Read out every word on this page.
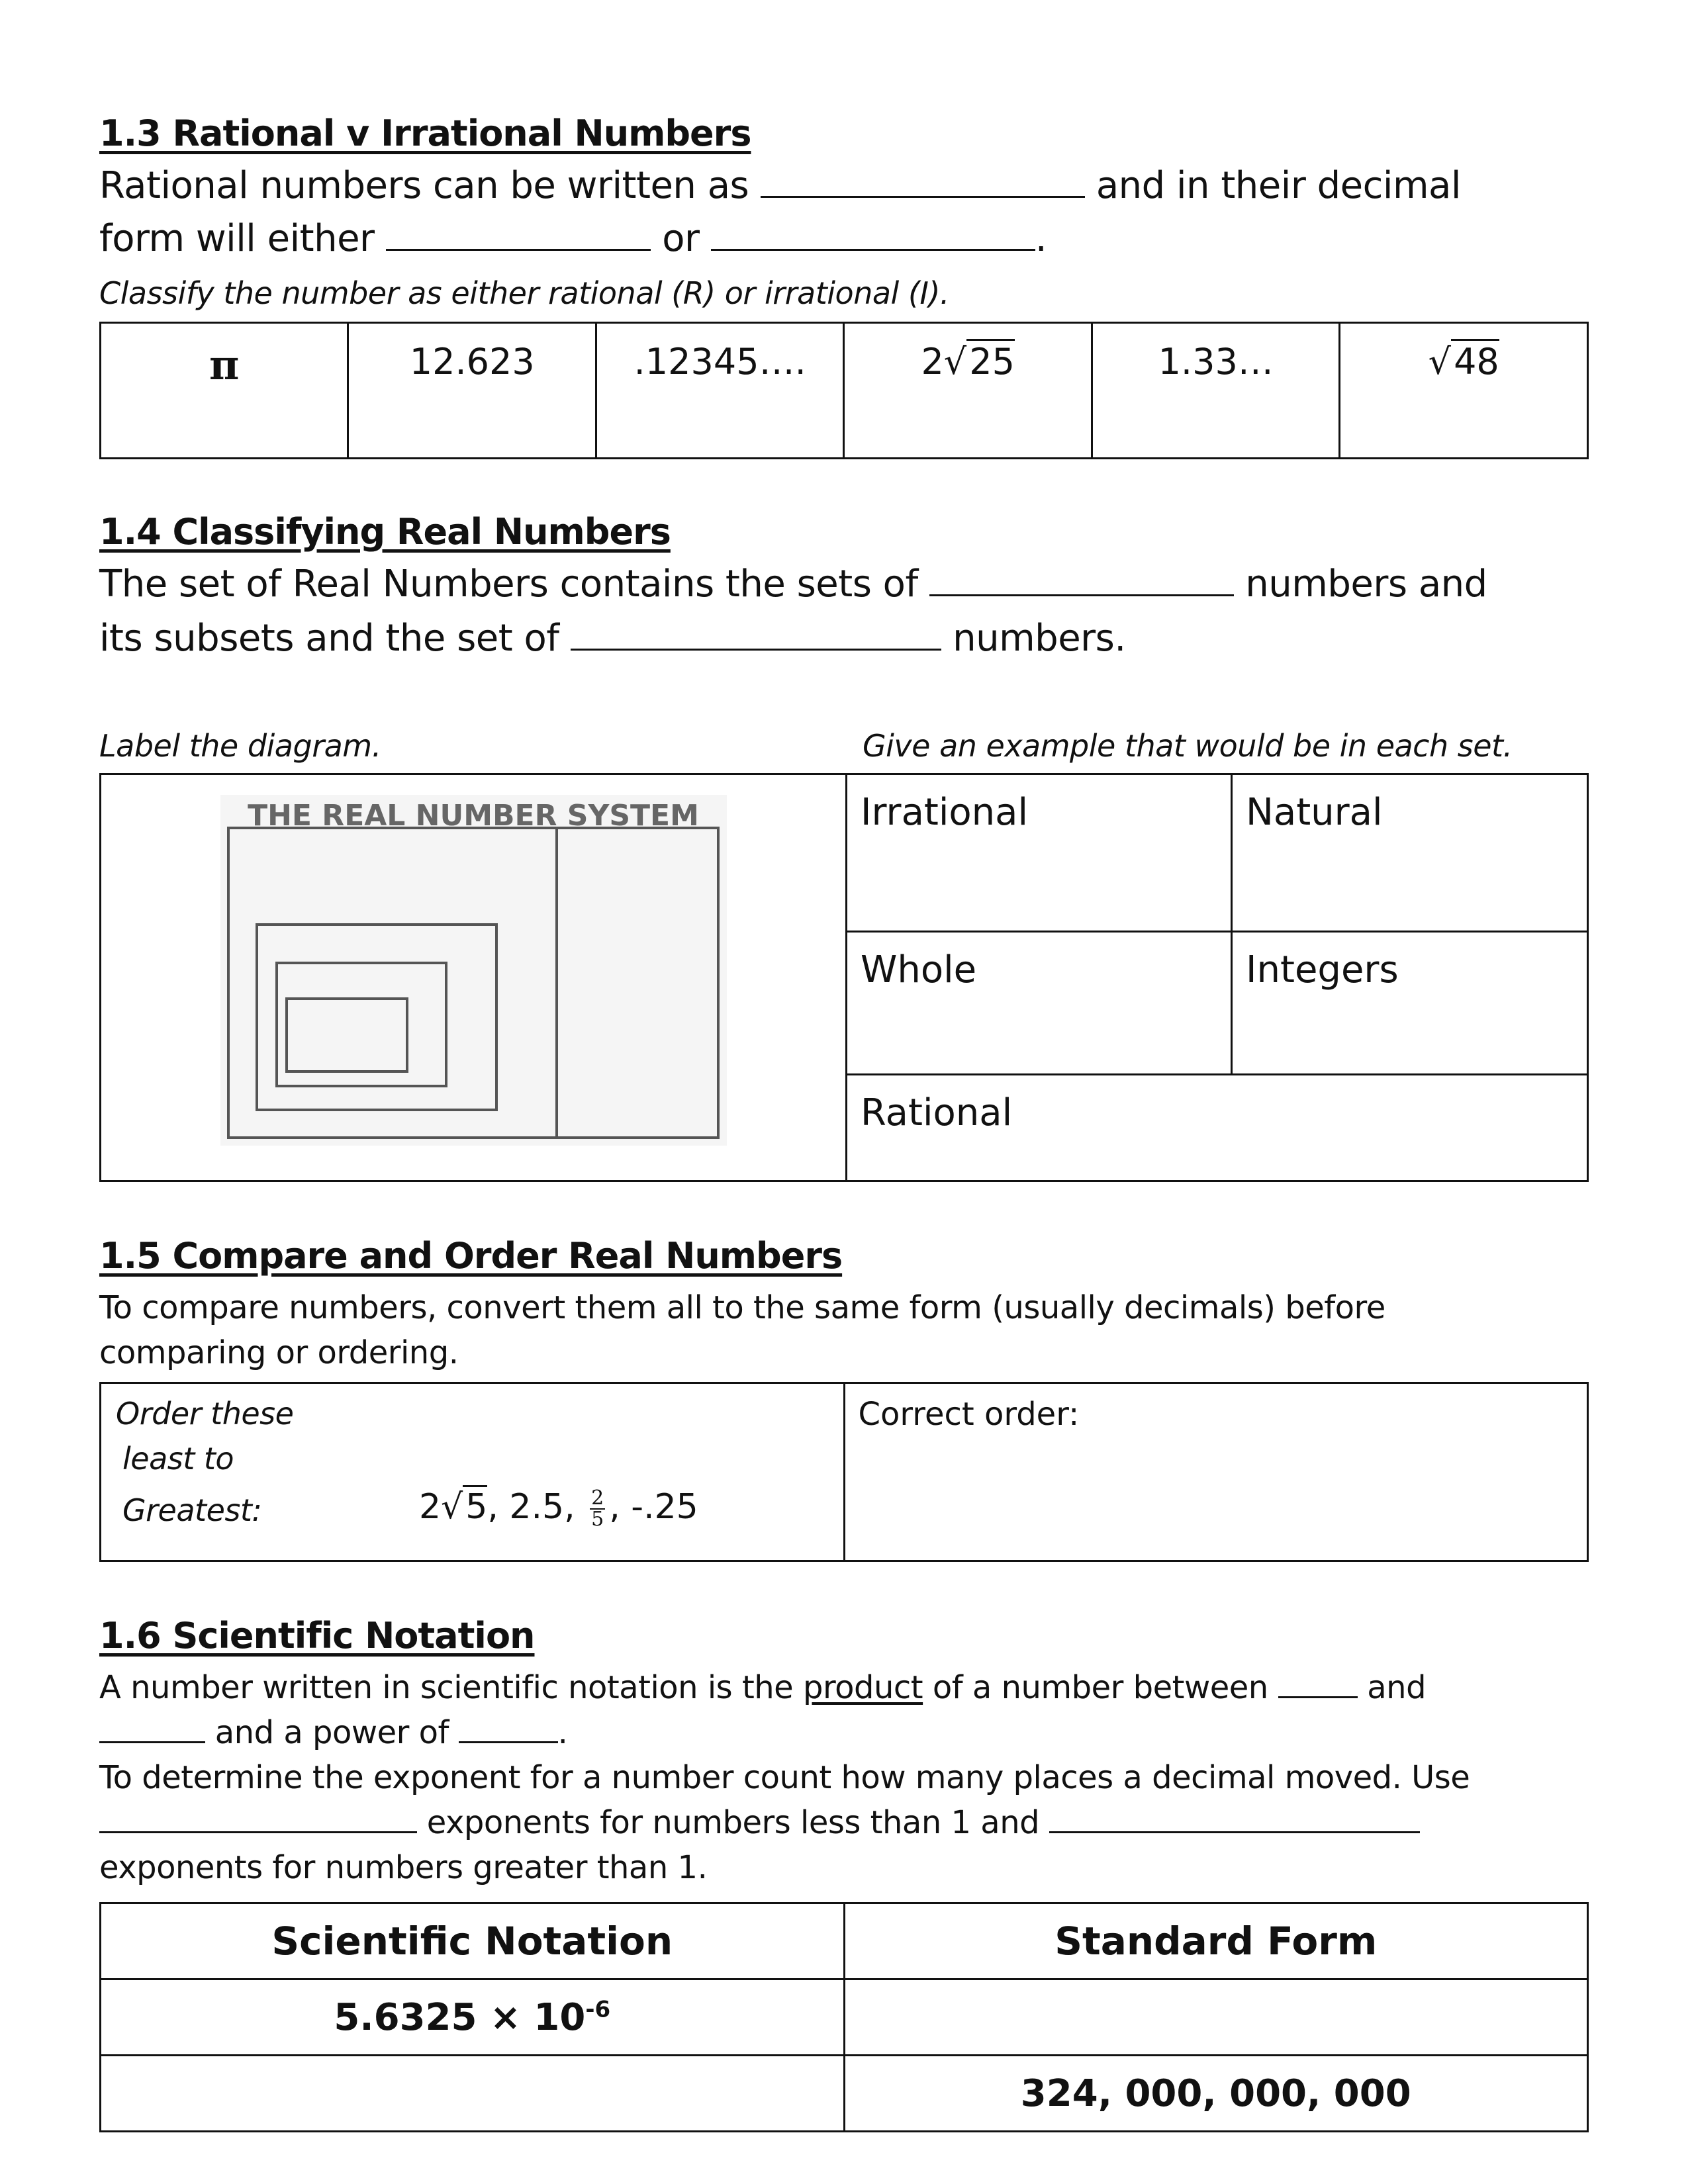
1.3 Rational v Irrational Numbers
Rational numbers can be written as	and in their decimal
form will either	or	.
Classify the number as either rational (R) or irrational (I).
π	12.623	.12345….	2√25	1.33…	√48
1.4 Classifying Real Numbers
The set of Real Numbers contains the sets of	numbers and
its subsets and the set of	numbers.
Label the diagram.	Give an example that would be in each set.
THE REAL NUMBER SYSTEM	Irrational	Natural
	Whole	Integers
	Rational	
1.5 Compare and Order Real Numbers
To compare numbers, convert them all to the same form (usually decimals) before
comparing or ordering.
Order these
least to
Greatest:	2√5, 2.5, $\frac{2}{5}$ , -.25

Correct order:
1.6 Scientific Notation
A number written in scientific notation is the product of a number between	and
and a power of	.
To determine the exponent for a number count how many places a decimal moved. Use
exponents for numbers less than 1 and
exponents for numbers greater than 1.
Scientific Notation	Standard Form
$5.6325 \times 10^{-6}$	
	324, 000, 000, 000
